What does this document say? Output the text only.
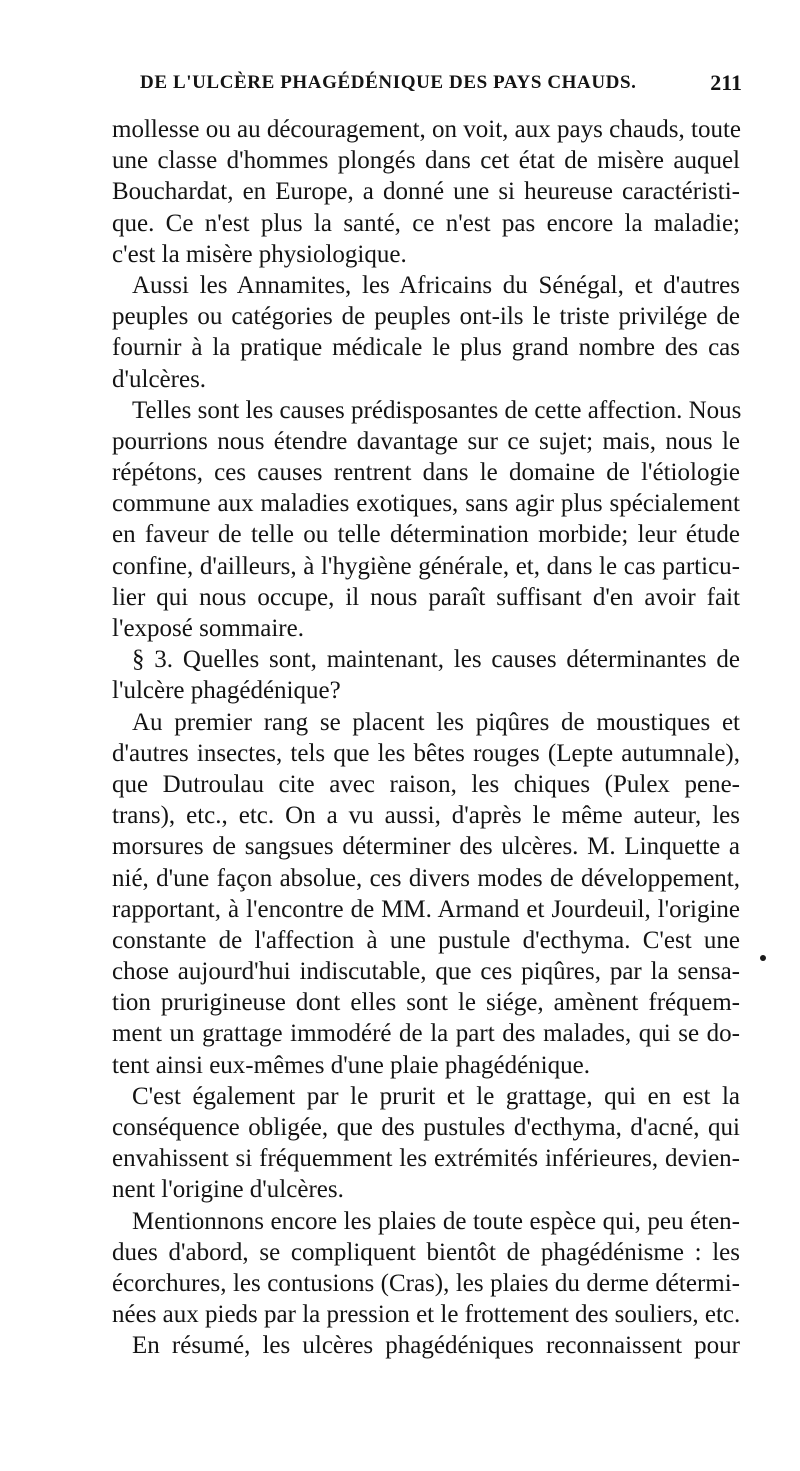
DE L'ULCÈRE PHAGÉDÉNIQUE DES PAYS CHAUDS.	211
mollesse ou au découragement, on voit, aux pays chauds, toute
une classe d'hommes plongés dans cet état de misère auquel
Bouchardat, en Europe, a donné une si heureuse caractéristi-
que. Ce n'est plus la santé, ce n'est pas encore la maladie;
c'est la misère physiologique.
Aussi les Annamites, les Africains du Sénégal, et d'autres
peuples ou catégories de peuples ont-ils le triste privilége de
fournir à la pratique médicale le plus grand nombre des cas
d'ulcères.
Telles sont les causes prédisposantes de cette affection. Nous
pourrions nous étendre davantage sur ce sujet; mais, nous le
répétons, ces causes rentrent dans le domaine de l'étiologie
commune aux maladies exotiques, sans agir plus spécialement
en faveur de telle ou telle détermination morbide; leur étude
confine, d'ailleurs, à l'hygiène générale, et, dans le cas particu-
lier qui nous occupe, il nous paraît suffisant d'en avoir fait
l'exposé sommaire.
§ 3. Quelles sont, maintenant, les causes déterminantes de
l'ulcère phagédénique?
Au premier rang se placent les piqûres de moustiques et
d'autres insectes, tels que les bêtes rouges (Lepte autumnale),
que Dutroulau cite avec raison, les chiques (Pulex pene-
trans), etc., etc. On a vu aussi, d'après le même auteur, les
morsures de sangsues déterminer des ulcères. M. Linquette a
nié, d'une façon absolue, ces divers modes de développement,
rapportant, à l'encontre de MM. Armand et Jourdeuil, l'origine
constante de l'affection à une pustule d'ecthyma. C'est une
chose aujourd'hui indiscutable, que ces piqûres, par la sensa-
tion prurigineuse dont elles sont le siége, amènent fréquem-
ment un grattage immodéré de la part des malades, qui se do-
tent ainsi eux-mêmes d'une plaie phagédénique.
C'est également par le prurit et le grattage, qui en est la
conséquence obligée, que des pustules d'ecthyma, d'acné, qui
envahissent si fréquemment les extrémités inférieures, devien-
nent l'origine d'ulcères.
Mentionnons encore les plaies de toute espèce qui, peu éten-
dues d'abord, se compliquent bientôt de phagédénisme : les
écorchures, les contusions (Cras), les plaies du derme détermi-
nées aux pieds par la pression et le frottement des souliers, etc.
En résumé, les ulcères phagédéniques reconnaissent pour
